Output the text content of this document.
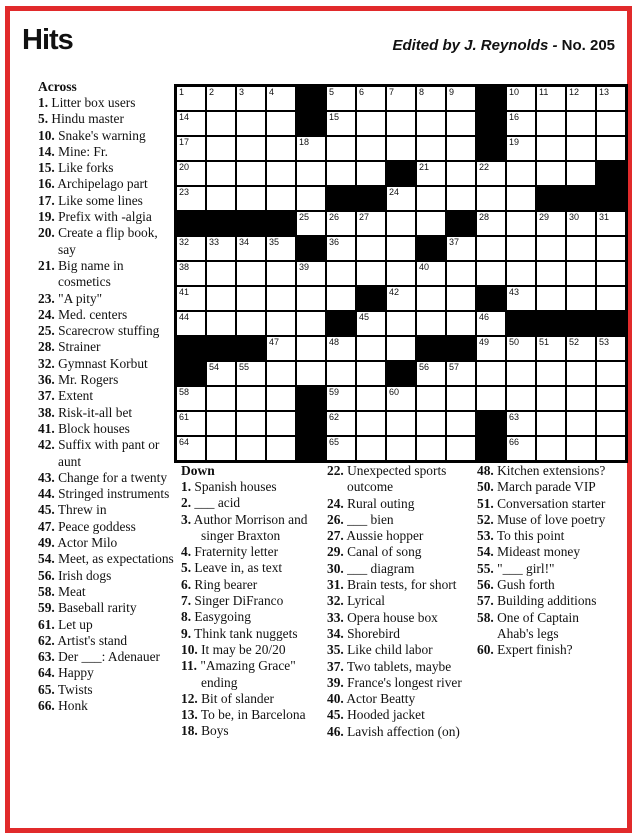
Hits	Edited by J. Reynolds - No. 205
Across
1. Litter box users
5. Hindu master
10. Snake's warning
14. Mine: Fr.
15. Like forks
16. Archipelago part
17. Like some lines
19. Prefix with -algia
20. Create a flip book, say
21. Big name in cosmetics
23. "A pity"
24. Med. centers
25. Scarecrow stuffing
28. Strainer
32. Gymnast Korbut
36. Mr. Rogers
37. Extent
38. Risk-it-all bet
41. Block houses
42. Suffix with pant or aunt
43. Change for a twenty
44. Stringed instruments
45. Threw in
47. Peace goddess
49. Actor Milo
54. Meet, as expectations
56. Irish dogs
58. Meat
59. Baseball rarity
61. Let up
62. Artist's stand
63. Der ___: Adenauer
64. Happy
65. Twists
66. Honk
1	2	3	4	5	6	7	8	9	10 11 12 13
14	15	16
17	18	19
20	21	22
23	24
25 26 27	28	29 30 31
32 33 34 35	36	37
38	39	40
41	42	43
44	45	46
47	48	49 50 51 52 53
54 55	56 57
58	59	60
61	62	63
64	65	66
Down
1. Spanish houses
2. ___ acid
3. Author Morrison and singer Braxton
4. Fraternity letter
5. Leave in, as text
6. Ring bearer
7. Singer DiFranco
8. Easygoing
9. Think tank nuggets
10. It may be 20/20
11. "Amazing Grace" ending
12. Bit of slander
13. To be, in Barcelona
18. Boys
22. Unexpected sports outcome
24. Rural outing
26. ___ bien
27. Aussie hopper
29. Canal of song
30. ___ diagram
31. Brain tests, for short
32. Lyrical
33. Opera house box
34. Shorebird
35. Like child labor
37. Two tablets, maybe
39. France's longest river
40. Actor Beatty
45. Hooded jacket
46. Lavish affection (on)
48. Kitchen extensions?
50. March parade VIP
51. Conversation starter
52. Muse of love poetry
53. To this point
54. Mideast money
55. "___ girl!"
56. Gush forth
57. Building additions
58. One of Captain Ahab's legs
60. Expert finish?
